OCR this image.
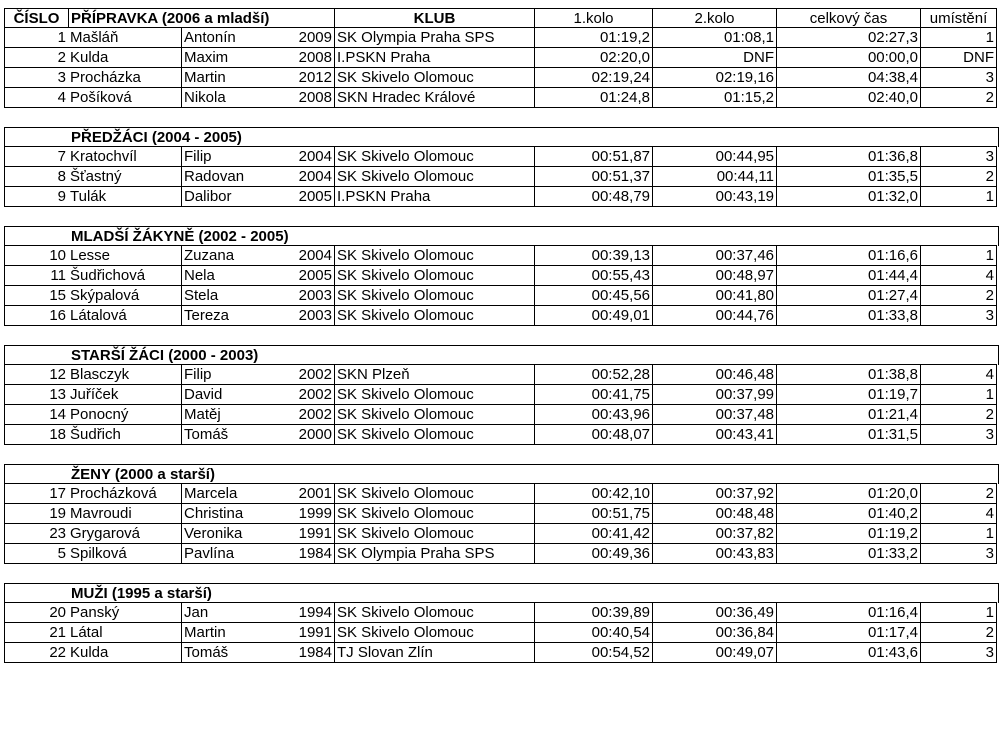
ČÍSLO PŘÍPRAVKA (2006 a mladší)	KLUB	1.kolo	2.kolo	celkový čas	umístění
1 Mašláň	Antonín	2009 SK Olympia Praha SPS	01:19,2	01:08,1	02:27,3	1
2 Kulda	Maxim	2008 I.PSKN Praha	02:20,0	DNF	00:00,0	DNF
3 Procházka	Martin	2012 SK Skivelo Olomouc	02:19,24	02:19,16	04:38,4	3
4 Pošíková	Nikola	2008 SKN Hradec Králové	01:24,8	01:15,2	02:40,0	2
PŘEDŽÁCI (2004 - 2005)
7 Kratochvíl	Filip	2004 SK Skivelo Olomouc	00:51,87	00:44,95	01:36,8	3
8 Šťastný	Radovan	2004 SK Skivelo Olomouc	00:51,37	00:44,11	01:35,5	2
9 Tulák	Dalibor	2005 I.PSKN Praha	00:48,79	00:43,19	01:32,0	1
MLADŠÍ ŽÁKYNĚ (2002 - 2005)
10 Lesse	Zuzana	2004 SK Skivelo Olomouc	00:39,13	00:37,46	01:16,6	1
11 Šudřichová	Nela	2005 SK Skivelo Olomouc	00:55,43	00:48,97	01:44,4	4
15 Skýpalová	Stela	2003 SK Skivelo Olomouc	00:45,56	00:41,80	01:27,4	2
16 Látalová	Tereza	2003 SK Skivelo Olomouc	00:49,01	00:44,76	01:33,8	3
STARŠÍ ŽÁCI (2000 - 2003)
12 Blasczyk	Filip	2002 SKN Plzeň	00:52,28	00:46,48	01:38,8	4
13 Juříček	David	2002 SK Skivelo Olomouc	00:41,75	00:37,99	01:19,7	1
14 Ponocný	Matěj	2002 SK Skivelo Olomouc	00:43,96	00:37,48	01:21,4	2
18 Šudřich	Tomáš	2000 SK Skivelo Olomouc	00:48,07	00:43,41	01:31,5	3
ŽENY (2000 a starší)
17 Procházková	Marcela	2001 SK Skivelo Olomouc	00:42,10	00:37,92	01:20,0	2
19 Mavroudi	Christina	1999 SK Skivelo Olomouc	00:51,75	00:48,48	01:40,2	4
23 Grygarová	Veronika	1991 SK Skivelo Olomouc	00:41,42	00:37,82	01:19,2	1
5 Spilková	Pavlína	1984 SK Olympia Praha SPS	00:49,36	00:43,83	01:33,2	3
MUŽI (1995 a starší)
20 Panský	Jan	1994 SK Skivelo Olomouc	00:39,89	00:36,49	01:16,4	1
21 Látal	Martin	1991 SK Skivelo Olomouc	00:40,54	00:36,84	01:17,4	2
22 Kulda	Tomáš	1984 TJ Slovan Zlín	00:54,52	00:49,07	01:43,6	3
